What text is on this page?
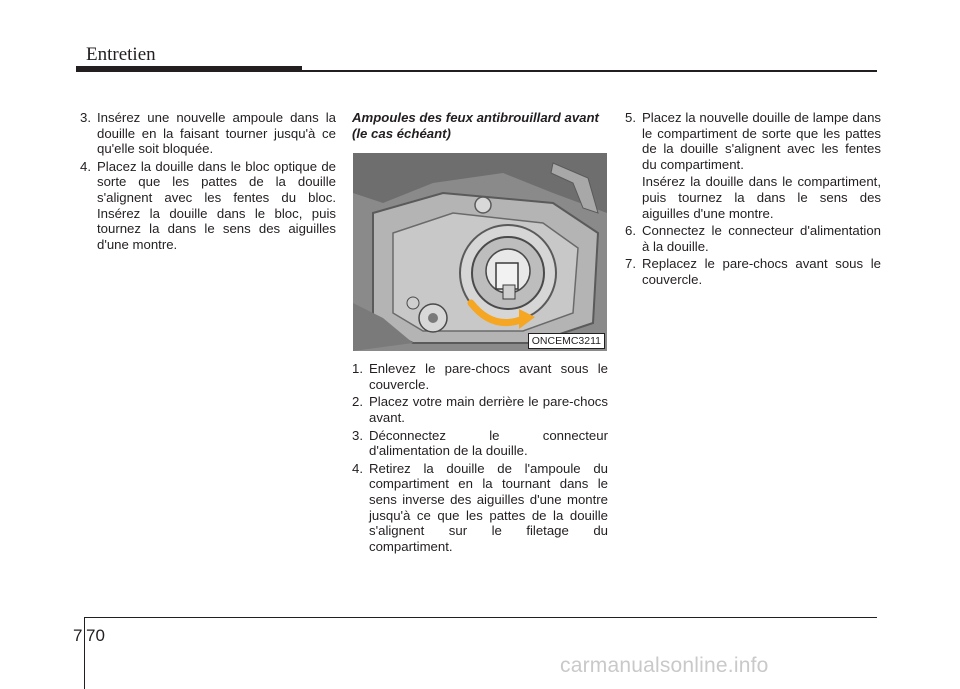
Entretien
3. Insérez une nouvelle ampoule dans la douille en la faisant tourner jusqu'à ce qu'elle soit bloquée.
4. Placez la douille dans le bloc optique de sorte que les pattes de la douille s'alignent avec les fentes du bloc. Insérez la douille dans le bloc, puis tournez la dans le sens des aiguilles d'une montre.
Ampoules des feux antibrouillard avant (le cas échéant)
ONCEMC3211
1. Enlevez le pare-chocs avant sous le couvercle.
2. Placez votre main derrière le pare-chocs avant.
3. Déconnectez le connecteur d'alimentation de la douille.
4. Retirez la douille de l'ampoule du compartiment en la tournant dans le sens inverse des aiguilles d'une montre jusqu'à ce que les pattes de la douille s'alignent sur le filetage du compartiment.
5. Placez la nouvelle douille de lampe dans le compartiment de sorte que les pattes de la douille s'alignent avec les fentes du compartiment.
Insérez la douille dans le compartiment, puis tournez la dans le sens des aiguilles d'une montre.
6. Connectez le connecteur d'alimentation à la douille.
7. Replacez le pare-chocs avant sous le couvercle.
7 70
carmanualsonline.info
